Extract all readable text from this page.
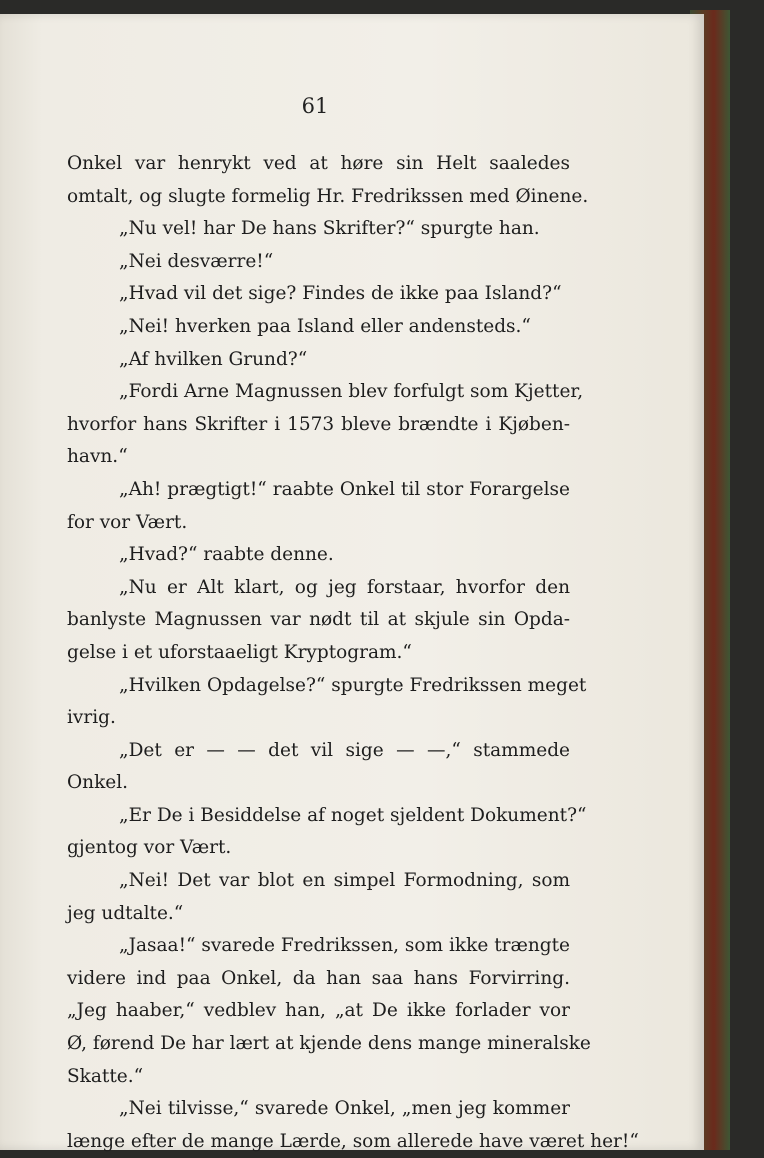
61
Onkel var henrykt ved at høre sin Helt saaledes
omtalt, og slugte formelig Hr. Fredrikssen med Øinene.
„Nu vel! har De hans Skrifter?“ spurgte han.
„Nei desværre!“
„Hvad vil det sige? Findes de ikke paa Island?“
„Nei! hverken paa Island eller andensteds.“
„Af hvilken Grund?“
„Fordi Arne Magnussen blev forfulgt som Kjetter,
hvorfor hans Skrifter i 1573 bleve brændte i Kjøben-
havn.“
„Ah! prægtigt!“ raabte Onkel til stor Forargelse
for vor Vært.
„Hvad?“ raabte denne.
„Nu er Alt klart, og jeg forstaar, hvorfor den
banlyste Magnussen var nødt til at skjule sin Opda-
gelse i et uforstaaeligt Kryptogram.“
„Hvilken Opdagelse?“ spurgte Fredrikssen meget
ivrig.
„Det er — — det vil sige — —,“ stammede
Onkel.
„Er De i Besiddelse af noget sjeldent Dokument?“
gjentog vor Vært.
„Nei! Det var blot en simpel Formodning, som
jeg udtalte.“
„Jasaa!“ svarede Fredrikssen, som ikke trængte
videre ind paa Onkel, da han saa hans Forvirring.
„Jeg haaber,“ vedblev han, „at De ikke forlader vor
Ø, førend De har lært at kjende dens mange mineralske
Skatte.“
„Nei tilvisse,“ svarede Onkel, „men jeg kommer
længe efter de mange Lærde, som allerede have været her!“
